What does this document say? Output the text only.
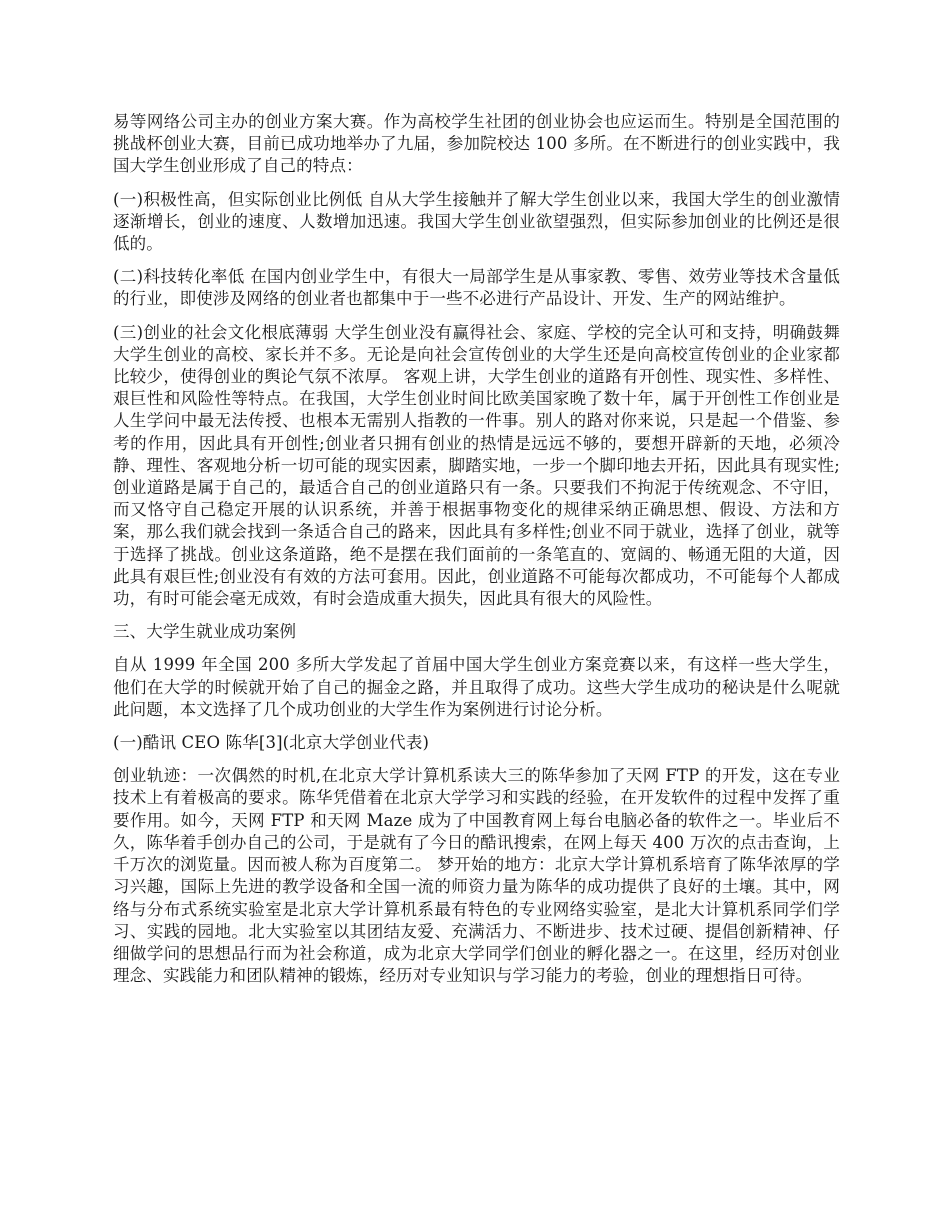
易等网络公司主办的创业方案大赛。作为高校学生社团的创业协会也应运而生。特别是全国范围的挑战杯创业大赛，目前已成功地举办了九届，参加院校达 100 多所。在不断进行的创业实践中，我国大学生创业形成了自己的特点：

(一)积极性高，但实际创业比例低 自从大学生接触并了解大学生创业以来，我国大学生的创业激情逐渐增长，创业的速度、人数增加迅速。我国大学生创业欲望强烈，但实际参加创业的比例还是很低的。

(二)科技转化率低 在国内创业学生中，有很大一局部学生是从事家教、零售、效劳业等技术含量低的行业，即使涉及网络的创业者也都集中于一些不必进行产品设计、开发、生产的网站维护。

(三)创业的社会文化根底薄弱 大学生创业没有赢得社会、家庭、学校的完全认可和支持，明确鼓舞大学生创业的高校、家长并不多。无论是向社会宣传创业的大学生还是向高校宣传创业的企业家都比较少，使得创业的舆论气氛不浓厚。 客观上讲，大学生创业的道路有开创性、现实性、多样性、艰巨性和风险性等特点。在我国，大学生创业时间比欧美国家晚了数十年，属于开创性工作创业是人生学问中最无法传授、也根本无需别人指教的一件事。别人的路对你来说，只是起一个借鉴、参考的作用，因此具有开创性;创业者只拥有创业的热情是远远不够的，要想开辟新的天地，必须冷静、理性、客观地分析一切可能的现实因素，脚踏实地，一步一个脚印地去开拓，因此具有现实性;创业道路是属于自己的，最适合自己的创业道路只有一条。只要我们不拘泥于传统观念、不守旧，而又恪守自己稳定开展的认识系统，并善于根据事物变化的规律采纳正确思想、假设、方法和方案，那么我们就会找到一条适合自己的路来，因此具有多样性;创业不同于就业，选择了创业，就等于选择了挑战。创业这条道路，绝不是摆在我们面前的一条笔直的、宽阔的、畅通无阻的大道，因此具有艰巨性;创业没有有效的方法可套用。因此，创业道路不可能每次都成功，不可能每个人都成功，有时可能会毫无成效，有时会造成重大损失，因此具有很大的风险性。

三、大学生就业成功案例

自从 1999 年全国 200 多所大学发起了首届中国大学生创业方案竞赛以来，有这样一些大学生，他们在大学的时候就开始了自己的掘金之路，并且取得了成功。这些大学生成功的秘诀是什么呢就此问题，本文选择了几个成功创业的大学生作为案例进行讨论分析。

(一)酷讯 CEO 陈华[3](北京大学创业代表)

创业轨迹：一次偶然的时机,在北京大学计算机系读大三的陈华参加了天网 FTP 的开发，这在专业技术上有着极高的要求。陈华凭借着在北京大学学习和实践的经验，在开发软件的过程中发挥了重要作用。如今，天网 FTP 和天网 Maze 成为了中国教育网上每台电脑必备的软件之一。毕业后不久，陈华着手创办自己的公司，于是就有了今日的酷讯搜索，在网上每天 400 万次的点击查询，上千万次的浏览量。因而被人称为百度第二。 梦开始的地方：北京大学计算机系培育了陈华浓厚的学习兴趣，国际上先进的教学设备和全国一流的师资力量为陈华的成功提供了良好的土壤。其中，网络与分布式系统实验室是北京大学计算机系最有特色的专业网络实验室，是北大计算机系同学们学习、实践的园地。北大实验室以其团结友爱、充满活力、不断进步、技术过硬、提倡创新精神、仔细做学问的思想品行而为社会称道，成为北京大学同学们创业的孵化器之一。在这里，经历对创业理念、实践能力和团队精神的锻炼，经历对专业知识与学习能力的考验，创业的理想指日可待。
